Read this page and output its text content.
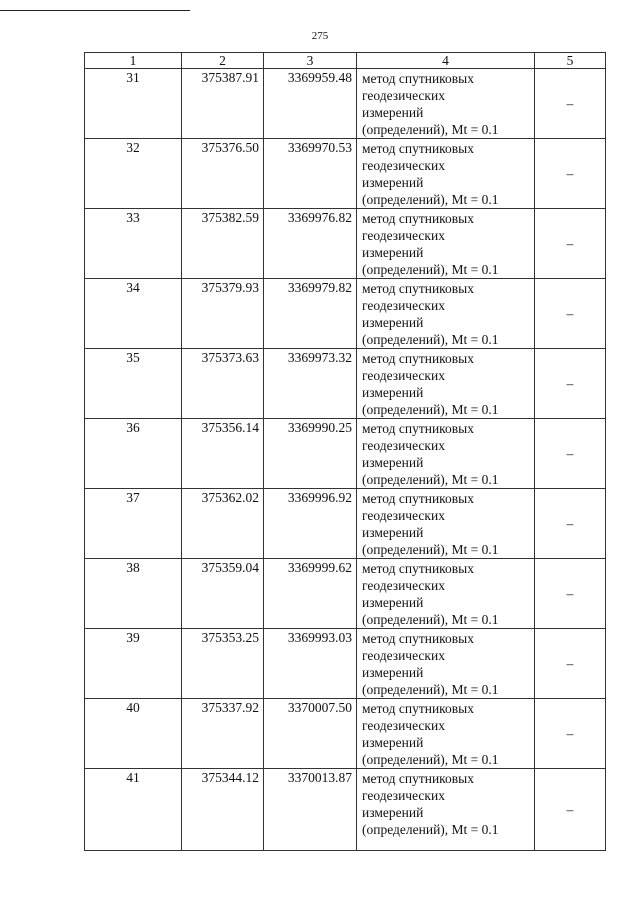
275
1	2	3	4	5
31	375387.91	3369959.48	метод спутниковых
геодезических
измерений
(определений), Mt = 0.1	–
32	375376.50	3369970.53	метод спутниковых
геодезических
измерений
(определений), Mt = 0.1	–
33	375382.59	3369976.82	метод спутниковых
геодезических
измерений
(определений), Mt = 0.1	–
34	375379.93	3369979.82	метод спутниковых
геодезических
измерений
(определений), Mt = 0.1	–
35	375373.63	3369973.32	метод спутниковых
геодезических
измерений
(определений), Mt = 0.1	–
36	375356.14	3369990.25	метод спутниковых
геодезических
измерений
(определений), Mt = 0.1	–
37	375362.02	3369996.92	метод спутниковых
геодезических
измерений
(определений), Mt = 0.1	–
38	375359.04	3369999.62	метод спутниковых
геодезических
измерений
(определений), Mt = 0.1	–
39	375353.25	3369993.03	метод спутниковых
геодезических
измерений
(определений), Mt = 0.1	–
40	375337.92	3370007.50	метод спутниковых
геодезических
измерений
(определений), Mt = 0.1	–
41	375344.12	3370013.87	метод спутниковых
геодезических
измерений
(определений), Mt = 0.1	–
